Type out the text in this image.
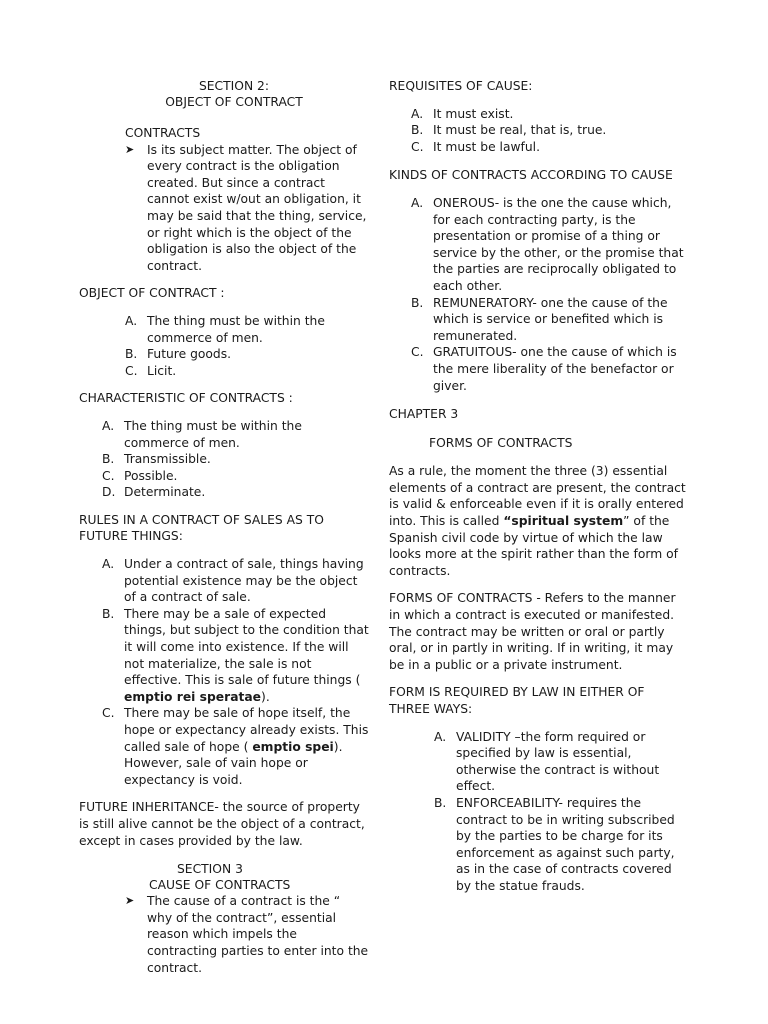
SECTION 2:
OBJECT OF CONTRACT
CONTRACTS
➤ Is its subject matter. The object of every contract is the obligation created. But since a contract cannot exist w/out an obligation, it may be said that the thing, service, or right which is the object of the obligation is also the object of the contract.
OBJECT OF CONTRACT :
A. The thing must be within the commerce of men.
B. Future goods.
C. Licit.
CHARACTERISTIC OF CONTRACTS :
A. The thing must be within the commerce of men.
B. Transmissible.
C. Possible.
D. Determinate.
RULES IN A CONTRACT OF SALES AS TO FUTURE THINGS:
A. Under a contract of sale, things having potential existence may be the object of a contract of sale.
B. There may be a sale of expected things, but subject to the condition that it will come into existence. If the will not materialize, the sale is not effective. This is sale of future things ( emptio rei speratae).
C. There may be sale of hope itself, the hope or expectancy already exists. This called sale of hope ( emptio spei). However, sale of vain hope or expectancy is void.
FUTURE INHERITANCE- the source of property is still alive cannot be the object of a contract, except in cases provided by the law.
SECTION 3
CAUSE OF CONTRACTS
➤ The cause of a contract is the “ why of the contract”, essential reason which impels the contracting parties to enter into the contract.
REQUISITES OF CAUSE:
A. It must exist.
B. It must be real, that is, true.
C. It must be lawful.
KINDS OF CONTRACTS ACCORDING TO CAUSE
A. ONEROUS- is the one the cause which, for each contracting party, is the presentation or promise of a thing or service by the other, or the promise that the parties are reciprocally obligated to each other.
B. REMUNERATORY- one the cause of the which is service or benefited which is remunerated.
C. GRATUITOUS- one the cause of which is the mere liberality of the benefactor or giver.
CHAPTER 3
FORMS OF CONTRACTS
As a rule, the moment the three (3) essential elements of a contract are present, the contract is valid & enforceable even if it is orally entered into. This is called “spiritual system” of the Spanish civil code by virtue of which the law looks more at the spirit rather than the form of contracts.
FORMS OF CONTRACTS - Refers to the manner in which a contract is executed or manifested. The contract may be written or oral or partly oral, or in partly in writing. If in writing, it may be in a public or a private instrument.
FORM IS REQUIRED BY LAW IN EITHER OF THREE WAYS:
A. VALIDITY –the form required or specified by law is essential, otherwise the contract is without effect.
B. ENFORCEABILITY- requires the contract to be in writing subscribed by the parties to be charge for its enforcement as against such party, as in the case of contracts covered by the statue frauds.
